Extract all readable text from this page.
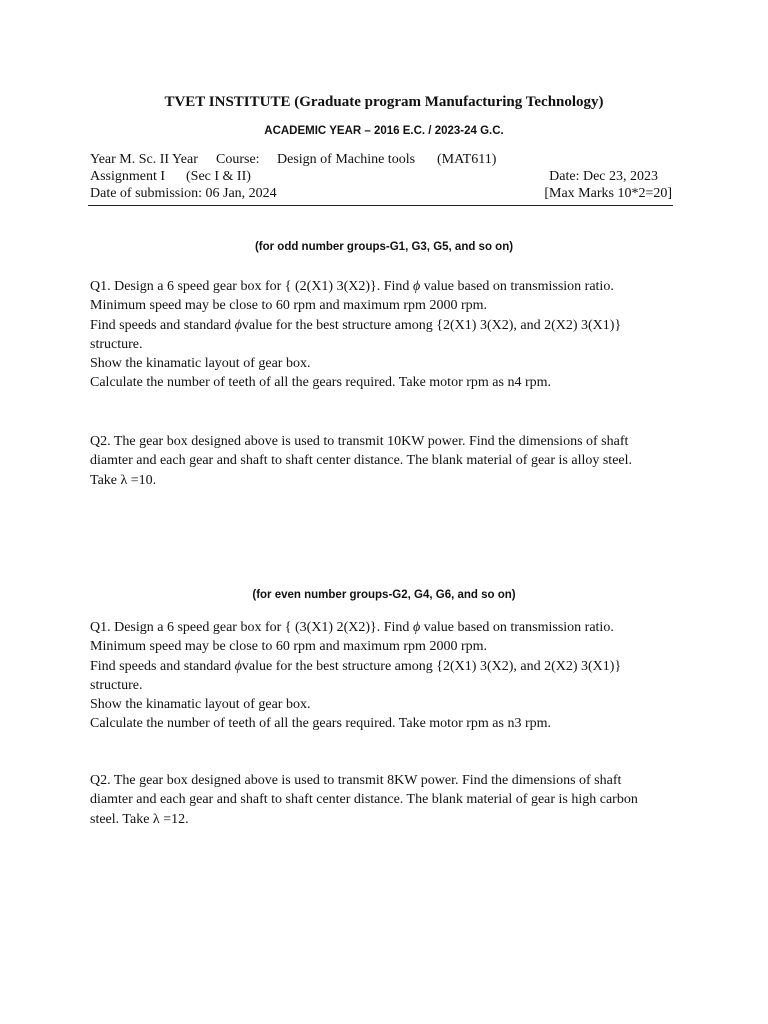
TVET INSTITUTE (Graduate program Manufacturing Technology)
ACADEMIC YEAR – 2016 E.C. / 2023-24 G.C.
Year M. Sc. II Year Course: Design of Machine tools (MAT611)
Assignment I (Sec I & II)	Date: Dec 23, 2023
Date of submission: 06 Jan, 2024	[Max Marks 10*2=20]
(for odd number groups-G1, G3, G5, and so on)

Q1. Design a 6 speed gear box for { (2(X1) 3(X2)}. Find ϕ value based on transmission ratio.

Minimum speed may be close to 60 rpm and maximum rpm 2000 rpm.

Find speeds and standard ϕvalue for the best structure among {2(X1) 3(X2), and 2(X2) 3(X1)}

structure.

Show the kinamatic layout of gear box.

Calculate the number of teeth of all the gears required. Take motor rpm as n4 rpm.

Q2. The gear box designed above is used to transmit 10KW power. Find the dimensions of shaft

diamter and each gear and shaft to shaft center distance. The blank material of gear is alloy steel.

Take λ =10.

(for even number groups-G2, G4, G6, and so on)

Q1. Design a 6 speed gear box for { (3(X1) 2(X2)}. Find ϕ value based on transmission ratio.

Minimum speed may be close to 60 rpm and maximum rpm 2000 rpm.

Find speeds and standard ϕvalue for the best structure among {2(X1) 3(X2), and 2(X2) 3(X1)}

structure.

Show the kinamatic layout of gear box.

Calculate the number of teeth of all the gears required. Take motor rpm as n3 rpm.

Q2. The gear box designed above is used to transmit 8KW power. Find the dimensions of shaft

diamter and each gear and shaft to shaft center distance. The blank material of gear is high carbon

steel. Take λ =12.
